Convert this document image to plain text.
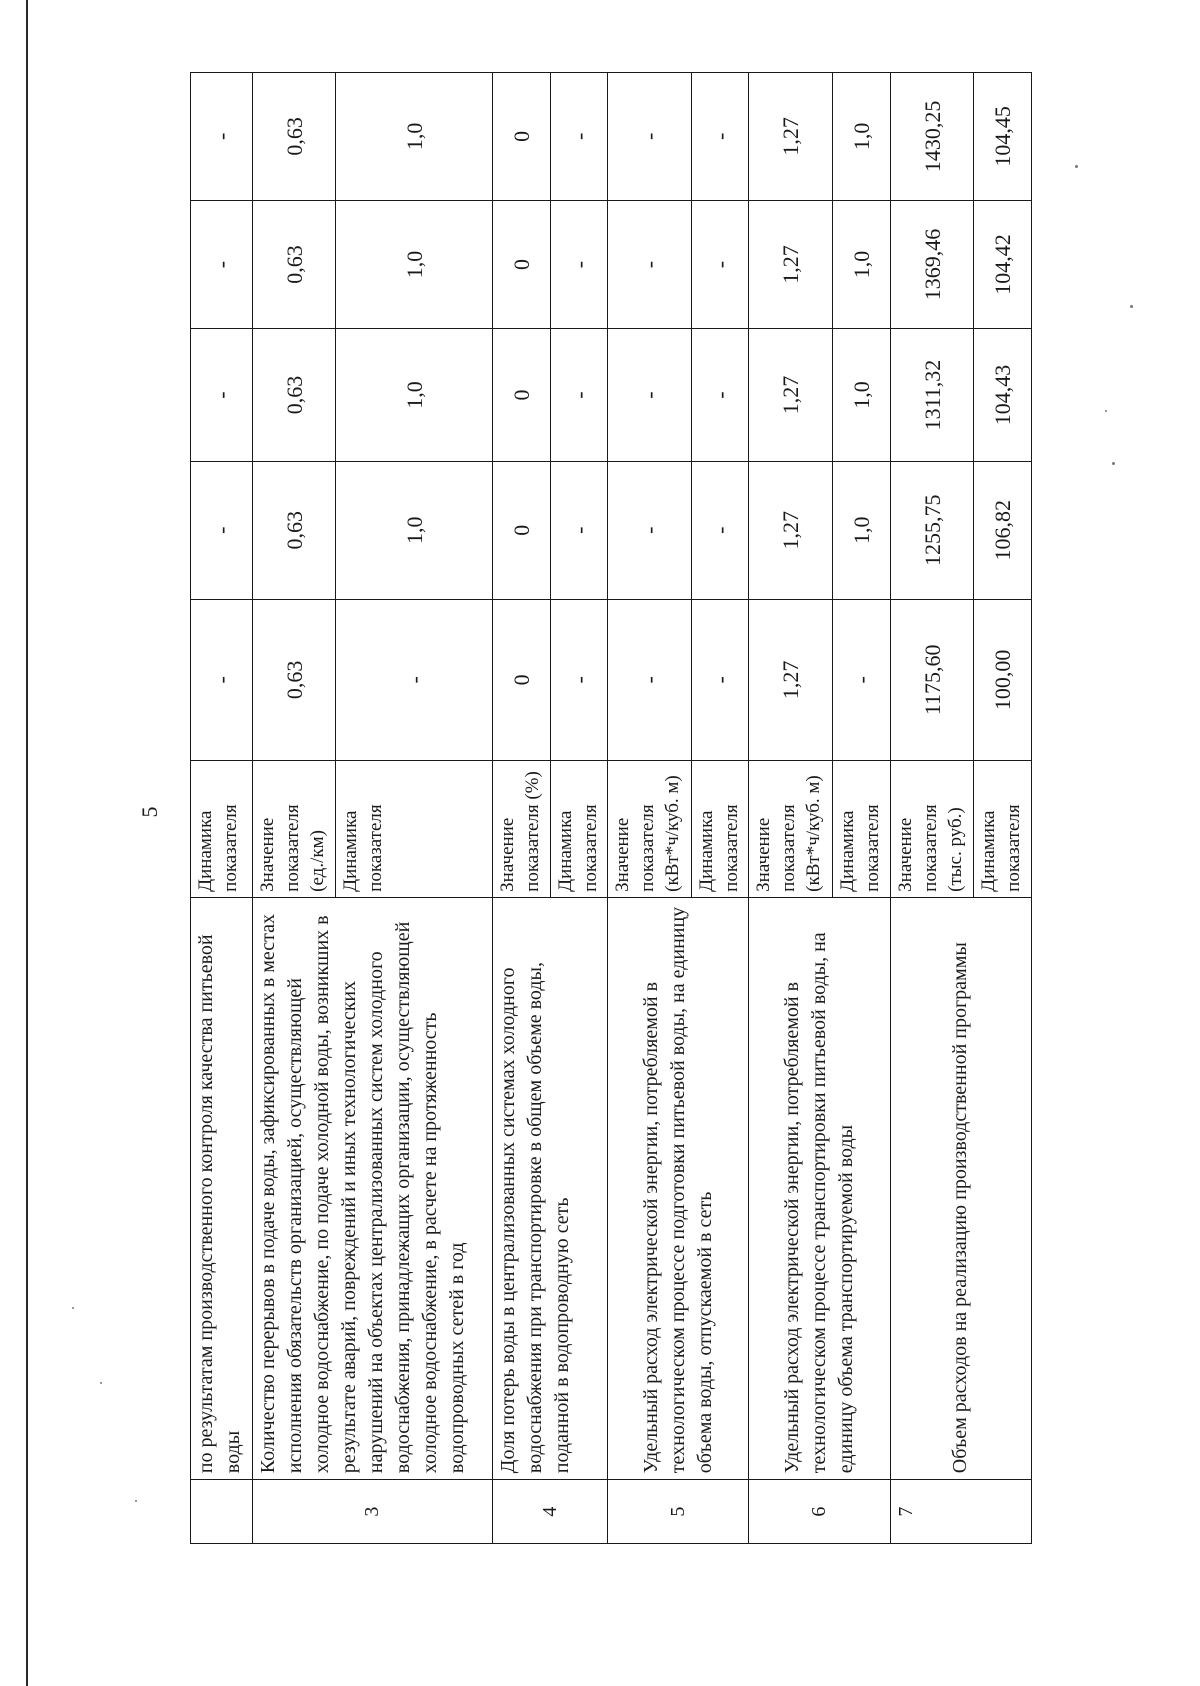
5
	по результатам производственного контроля качества питьевой воды	Динамика показателя	-	-	-	-	-
3	Количество перерывов в подаче воды, зафиксированных в местах исполнения обязательств организацией, осуществляющей холодное водоснабжение, по подаче холодной воды, возникших в результате аварий, повреждений и иных технологических нарушений на объектах централизованных систем холодного водоснабжения, принадлежащих организации, осуществляющей холодное водоснабжение, в расчете на протяженность водопроводных сетей в год	Значение показателя (ед./км)	0,63	0,63	0,63	0,63	0,63
		Динамика показателя	-	1,0	1,0	1,0	1,0
4	Доля потерь воды в централизованных системах холодного водоснабжения при транспортировке в общем объеме воды, поданной в водопроводную сеть	Значение показателя (%)	0	0	0	0	0
		Динамика показателя	-	-	-	-	-
5	Удельный расход электрической энергии, потребляемой в технологическом процессе подготовки питьевой воды, на единицу объема воды, отпускаемой в сеть	Значение показателя (кВт*ч/куб. м)	-	-	-	-	-
		Динамика показателя	-	-	-	-	-
6	Удельный расход электрической энергии, потребляемой в технологическом процессе транспортировки питьевой воды, на единицу объема транспортируемой воды	Значение показателя (кВт*ч/куб. м)	1,27	1,27	1,27	1,27	1,27
		Динамика показателя	-	1,0	1,0	1,0	1,0
7	Объем расходов на реализацию производственной программы	Значение показателя (тыс. руб.)	1175,60	1255,75	1311,32	1369,46	1430,25
		Динамика показателя	100,00	106,82	104,43	104,42	104,45
